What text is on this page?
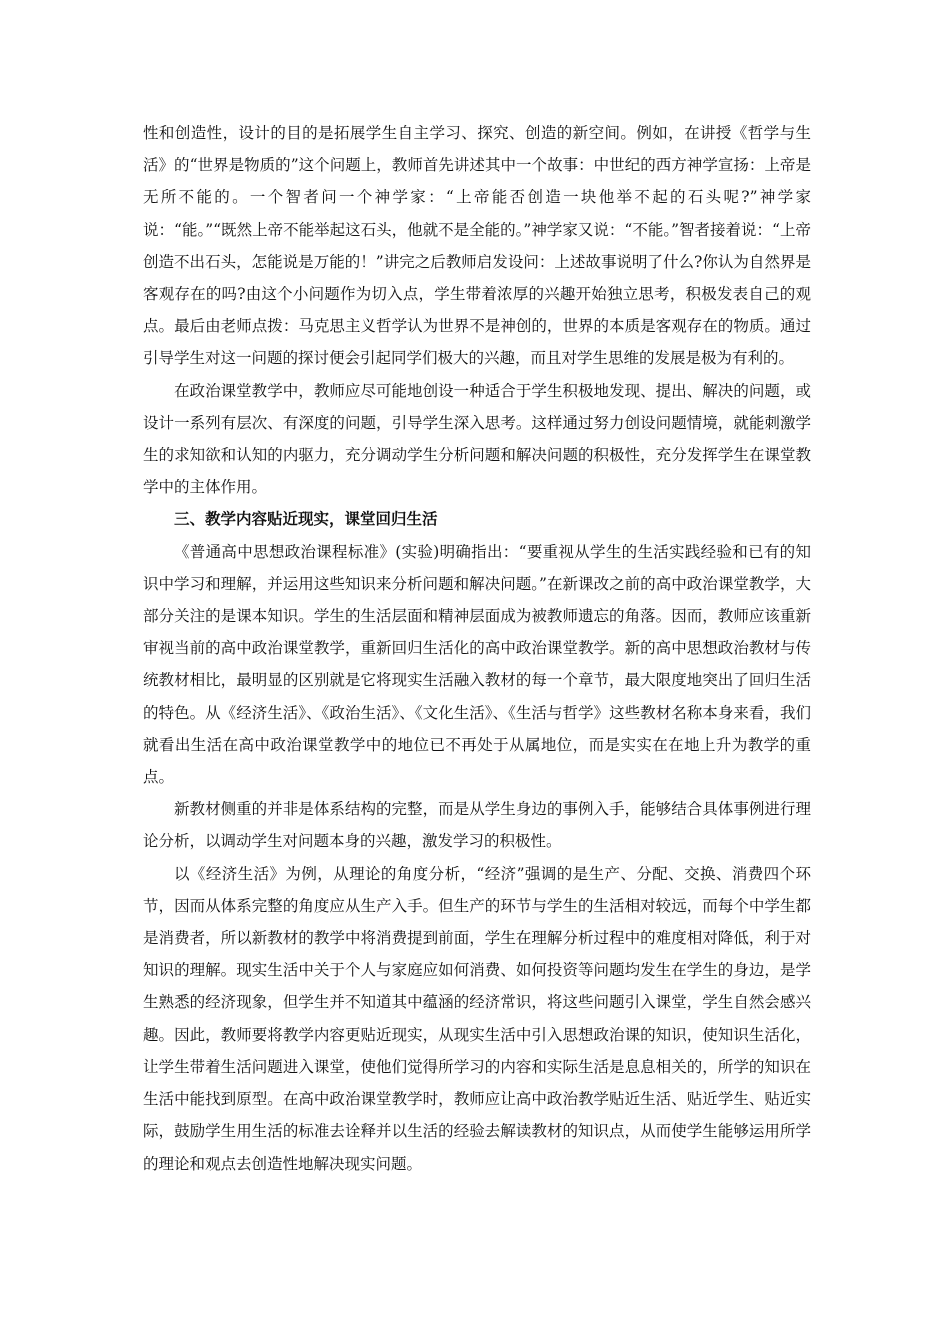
性和创造性，设计的目的是拓展学生自主学习、探究、创造的新空间。例如，在讲授《哲学与生活》的“世界是物质的”这个问题上，教师首先讲述其中一个故事：中世纪的西方神学宣扬：上帝是无所不能的。一个智者问一个神学家：“上帝能否创造一块他举不起的石头呢?”神学家说：“能。”“既然上帝不能举起这石头，他就不是全能的。”神学家又说：“不能。”智者接着说：“上帝创造不出石头，怎能说是万能的！”讲完之后教师启发设问：上述故事说明了什么?你认为自然界是客观存在的吗?由这个小问题作为切入点，学生带着浓厚的兴趣开始独立思考，积极发表自己的观点。最后由老师点拨：马克思主义哲学认为世界不是神创的，世界的本质是客观存在的物质。通过引导学生对这一问题的探讨便会引起同学们极大的兴趣，而且对学生思维的发展是极为有利的。

在政治课堂教学中，教师应尽可能地创设一种适合于学生积极地发现、提出、解决的问题，或设计一系列有层次、有深度的问题，引导学生深入思考。这样通过努力创设问题情境，就能刺激学生的求知欲和认知的内驱力，充分调动学生分析问题和解决问题的积极性，充分发挥学生在课堂教学中的主体作用。

三、教学内容贴近现实，课堂回归生活

《普通高中思想政治课程标准》(实验)明确指出：“要重视从学生的生活实践经验和已有的知识中学习和理解，并运用这些知识来分析问题和解决问题。”在新课改之前的高中政治课堂教学，大部分关注的是课本知识。学生的生活层面和精神层面成为被教师遗忘的角落。因而，教师应该重新审视当前的高中政治课堂教学，重新回归生活化的高中政治课堂教学。新的高中思想政治教材与传统教材相比，最明显的区别就是它将现实生活融入教材的每一个章节，最大限度地突出了回归生活的特色。从《经济生活》、《政治生活》、《文化生活》、《生活与哲学》这些教材名称本身来看，我们就看出生活在高中政治课堂教学中的地位已不再处于从属地位，而是实实在在地上升为教学的重点。

新教材侧重的并非是体系结构的完整，而是从学生身边的事例入手，能够结合具体事例进行理论分析，以调动学生对问题本身的兴趣，激发学习的积极性。

以《经济生活》为例，从理论的角度分析，“经济”强调的是生产、分配、交换、消费四个环节，因而从体系完整的角度应从生产入手。但生产的环节与学生的生活相对较远，而每个中学生都是消费者，所以新教材的教学中将消费提到前面，学生在理解分析过程中的难度相对降低，利于对知识的理解。现实生活中关于个人与家庭应如何消费、如何投资等问题均发生在学生的身边，是学生熟悉的经济现象，但学生并不知道其中蕴涵的经济常识，将这些问题引入课堂，学生自然会感兴趣。因此，教师要将教学内容更贴近现实，从现实生活中引入思想政治课的知识，使知识生活化，让学生带着生活问题进入课堂，使他们觉得所学习的内容和实际生活是息息相关的，所学的知识在生活中能找到原型。在高中政治课堂教学时，教师应让高中政治教学贴近生活、贴近学生、贴近实际，鼓励学生用生活的标准去诠释并以生活的经验去解读教材的知识点，从而使学生能够运用所学的理论和观点去创造性地解决现实问题。
